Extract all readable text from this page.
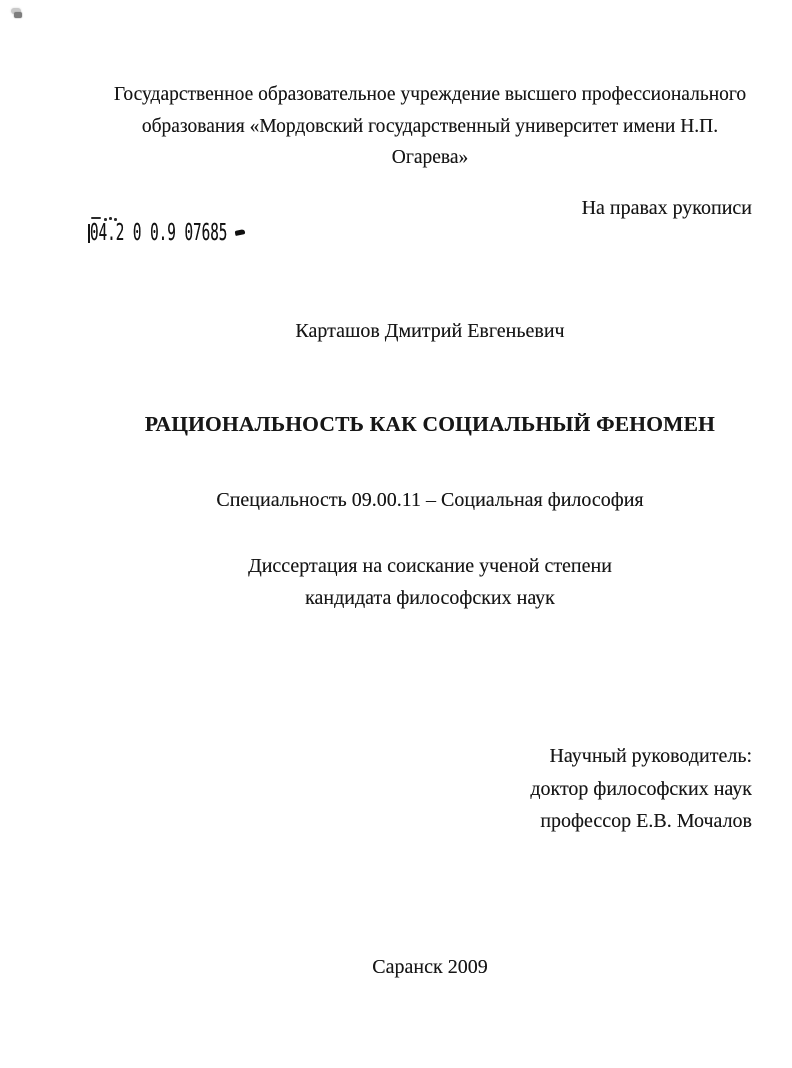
Государственное образовательное учреждение высшего профессионального
образования «Мордовский государственный университет имени Н.П.
Огарева»
На правах рукописи
04.2 0 0.9 07685
Карташов Дмитрий Евгеньевич
РАЦИОНАЛЬНОСТЬ КАК СОЦИАЛЬНЫЙ ФЕНОМЕН
Специальность 09.00.11 – Социальная философия
Диссертация на соискание ученой степени
кандидата философских наук
Научный руководитель:
доктор философских наук
профессор Е.В. Мочалов
Саранск 2009
